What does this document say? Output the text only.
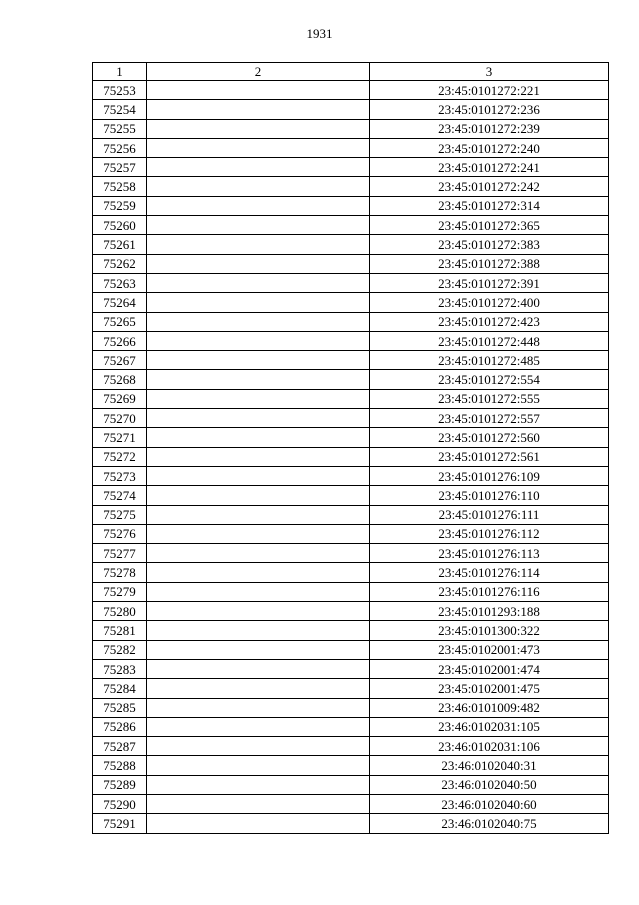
1931
1	2	3
75253		23:45:0101272:221
75254		23:45:0101272:236
75255		23:45:0101272:239
75256		23:45:0101272:240
75257		23:45:0101272:241
75258		23:45:0101272:242
75259		23:45:0101272:314
75260		23:45:0101272:365
75261		23:45:0101272:383
75262		23:45:0101272:388
75263		23:45:0101272:391
75264		23:45:0101272:400
75265		23:45:0101272:423
75266		23:45:0101272:448
75267		23:45:0101272:485
75268		23:45:0101272:554
75269		23:45:0101272:555
75270		23:45:0101272:557
75271		23:45:0101272:560
75272		23:45:0101272:561
75273		23:45:0101276:109
75274		23:45:0101276:110
75275		23:45:0101276:111
75276		23:45:0101276:112
75277		23:45:0101276:113
75278		23:45:0101276:114
75279		23:45:0101276:116
75280		23:45:0101293:188
75281		23:45:0101300:322
75282		23:45:0102001:473
75283		23:45:0102001:474
75284		23:45:0102001:475
75285		23:46:0101009:482
75286		23:46:0102031:105
75287		23:46:0102031:106
75288		23:46:0102040:31
75289		23:46:0102040:50
75290		23:46:0102040:60
75291		23:46:0102040:75
